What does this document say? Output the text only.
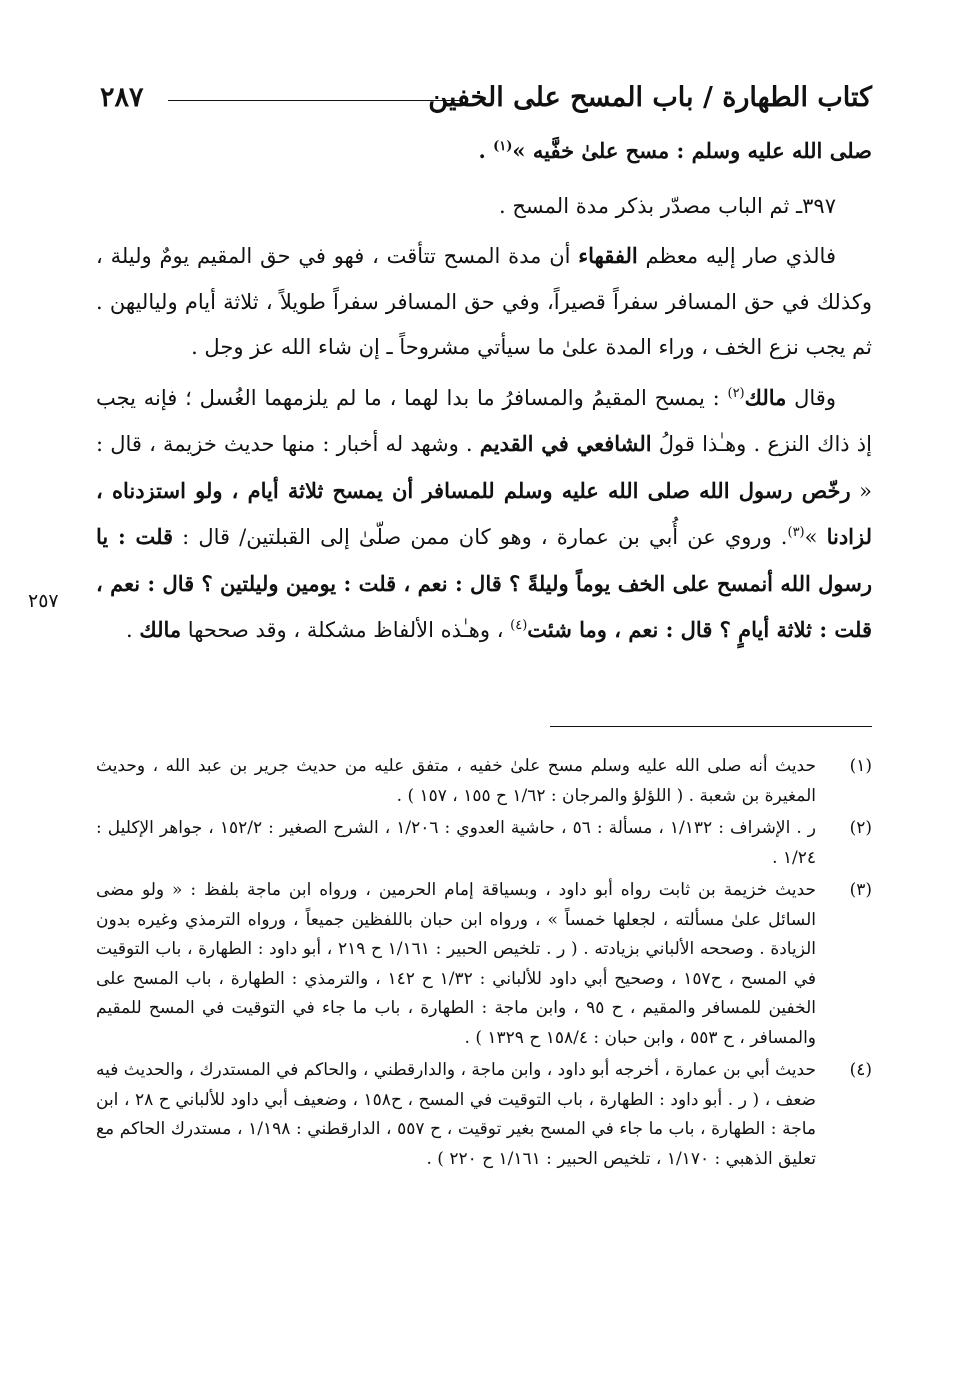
كتاب الطهارة / باب المسح على الخفين
٢٨٧

صلى الله عليه وسلم : مسح علىٰ خفَّيه »$^{(١)}$ .

٣٩٧ـ ثم الباب مصدّر بذكر مدة المسح .

فالذي صار إليه معظم الفقهاء أن مدة المسح تتأقت ، فهو في حق المقيم يومٌ وليلة ، وكذلك في حق المسافر سفراً قصيراً، وفي حق المسافر سفراً طويلاً ، ثلاثة أيام ولياليهن . ثم يجب نزع الخف ، وراء المدة علىٰ ما سيأتي مشروحاً ـ إن شاء الله عز وجل .

وقال مالك$^{(٢)}$ : يمسح المقيمُ والمسافرُ ما بدا لهما ، ما لم يلزمهما الغُسل ؛ فإنه يجب إذ ذاك النزع . وهـٰذا قولُ الشافعي في القديم . وشهد له أخبار : منها حديث خزيمة ، قال : « رخّص رسول الله صلى الله عليه وسلم للمسافر أن يمسح ثلاثة أيام ، ولو استزدناه ، لزادنا »$^{(٣)}$. وروي عن أُبي بن عمارة ، وهو كان ممن صلّىٰ إلى القبلتين/ قال : قلت : يا رسول الله أنمسح على الخف يوماً وليلةً ؟ قال : نعم ، قلت : يومين وليلتين ؟ قال : نعم ، قلت : ثلاثة أيامٍ ؟ قال : نعم ، وما شئت$^{(٤)}$ ، وهـٰذه الألفاظ مشكلة ، وقد صححها مالك .

٢٥٧
(١)
حديث أنه صلى الله عليه وسلم مسح علىٰ خفيه ، متفق عليه من حديث جرير بن عبد الله ، وحديث المغيرة بن شعبة . ( اللؤلؤ والمرجان : ١/٦٢ ح ١٥٥ ، ١٥٧ ) .
(٢)
ر . الإشراف : ١/١٣٢ ، مسألة : ٥٦ ، حاشية العدوي : ١/٢٠٦ ، الشرح الصغير : ١٥٢/٢ ، جواهر الإكليل : ١/٢٤ .
(٣)
حديث خزيمة بن ثابت رواه أبو داود ، وبسياقة إمام الحرمين ، ورواه ابن ماجة بلفظ : « ولو مضى السائل علىٰ مسألته ، لجعلها خمساً » ، ورواه ابن حبان باللفظين جميعاً ، ورواه الترمذي وغيره بدون الزيادة . وصححه الألباني بزيادته . ( ر . تلخيص الحبير : ١/١٦١ ح ٢١٩ ، أبو داود : الطهارة ، باب التوقيت في المسح ، ح١٥٧ ، وصحيح أبي داود للألباني : ١/٣٢ ح ١٤٢ ، والترمذي : الطهارة ، باب المسح على الخفين للمسافر والمقيم ، ح ٩٥ ، وابن ماجة : الطهارة ، باب ما جاء في التوقيت في المسح للمقيم والمسافر ، ح ٥٥٣ ، وابن حبان : ١٥٨/٤ ح ١٣٢٩ ) .
(٤)
حديث أبي بن عمارة ، أخرجه أبو داود ، وابن ماجة ، والدارقطني ، والحاكم في المستدرك ، والحديث فيه ضعف ، ( ر . أبو داود : الطهارة ، باب التوقيت في المسح ، ح١٥٨ ، وضعيف أبي داود للألباني ح ٢٨ ، ابن ماجة : الطهارة ، باب ما جاء في المسح بغير توقيت ، ح ٥٥٧ ، الدارقطني : ١/١٩٨ ، مستدرك الحاكم مع تعليق الذهبي : ١/١٧٠ ، تلخيص الحبير : ١/١٦١ ح ٢٢٠ ) .
